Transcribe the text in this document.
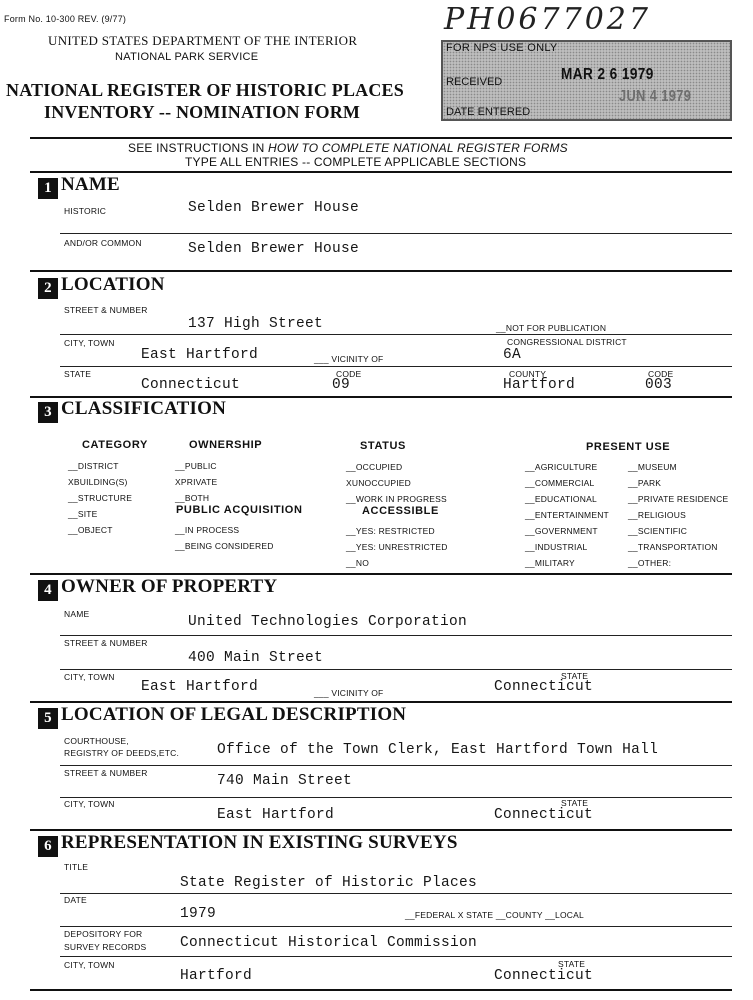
Form No. 10-300 REV. (9/77)
UNITED STATES DEPARTMENT OF THE INTERIOR
NATIONAL PARK SERVICE
NATIONAL REGISTER OF HISTORIC PLACES
INVENTORY -- NOMINATION FORM
PH0677027
FOR NPS USE ONLY
RECEIVED	MAR 2 6 1979
DATE ENTERED
JUN 4 1979
SEE INSTRUCTIONS IN HOW TO COMPLETE NATIONAL REGISTER FORMS
TYPE ALL ENTRIES -- COMPLETE APPLICABLE SECTIONS
1 NAME
HISTORIC	Selden Brewer House
AND/OR COMMON	Selden Brewer House
2 LOCATION
STREET & NUMBER
137 High Street	__NOT FOR PUBLICATION
CITY, TOWN
East Hartford	___ VICINITY OF
CONGRESSIONAL DISTRICT
6A
STATE
Connecticut
CODE
09
COUNTY
Hartford
CODE
003
3 CLASSIFICATION
CATEGORY
__DISTRICT
XBUILDING(S)
__STRUCTURE
__SITE
__OBJECT
OWNERSHIP
__PUBLIC
XPRIVATE
__BOTH
PUBLIC ACQUISITION
__IN PROCESS
__BEING CONSIDERED
STATUS
__OCCUPIED
XUNOCCUPIED
__WORK IN PROGRESS
ACCESSIBLE
__YES: RESTRICTED
__YES: UNRESTRICTED
__NO
PRESENT USE
__AGRICULTURE
__COMMERCIAL
__EDUCATIONAL
__ENTERTAINMENT
__GOVERNMENT
__INDUSTRIAL
__MILITARY
__MUSEUM
__PARK
__PRIVATE RESIDENCE
__RELIGIOUS
__SCIENTIFIC
__TRANSPORTATION
__OTHER:
4 OWNER OF PROPERTY
NAME	United Technologies Corporation
STREET & NUMBER
400 Main Street
CITY, TOWN
East Hartford	___ VICINITY OF
STATE
Connecticut
5 LOCATION OF LEGAL DESCRIPTION
COURTHOUSE,
REGISTRY OF DEEDS,ETC.	Office of the Town Clerk, East Hartford Town Hall
STREET & NUMBER	740 Main Street
CITY, TOWN
East Hartford
STATE
Connecticut
6 REPRESENTATION IN EXISTING SURVEYS
TITLE
State Register of Historic Places
DATE
1979	__FEDERAL X STATE __COUNTY __LOCAL
DEPOSITORY FOR
SURVEY RECORDS Connecticut Historical Commission
CITY, TOWN
Hartford
STATE
Connecticut
